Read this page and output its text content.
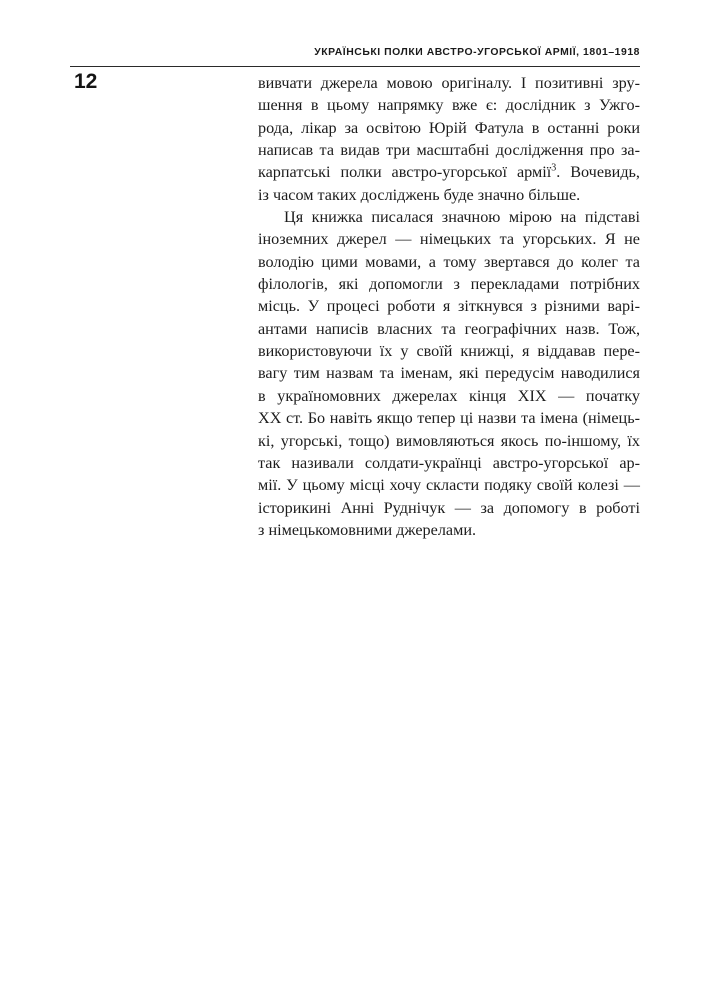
УКРАЇНСЬКІ ПОЛКИ АВСТРО-УГОРСЬКОЇ АРМІЇ, 1801–1918
12	вивчати джерела мовою оригіналу. І позитивні зру-
шення в цьому напрямку вже є: дослідник з Ужго-
рода, лікар за освітою Юрій Фатула в останні роки
написав та видав три масштабні дослідження про за-
карпатські полки австро-угорської армії$^3$. Вочевидь,
із часом таких досліджень буде значно більше.
Ця книжка писалася значною мірою на підставі
іноземних джерел — німецьких та угорських. Я не
володію цими мовами, а тому звертався до колег та
філологів, які допомогли з перекладами потрібних
місць. У процесі роботи я зіткнувся з різними варі-
антами написів власних та географічних назв. Тож,
використовуючи їх у своїй книжці, я віддавав пере-
вагу тим назвам та іменам, які передусім наводилися
в україномовних джерелах кінця XIX — початку
XX ст. Бо навіть якщо тепер ці назви та імена (німець-
кі, угорські, тощо) вимовляються якось по-іншому, їх
так називали солдати-українці австро-угорської ар-
мії. У цьому місці хочу скласти подяку своїй колезі —
історикині Анні Руднічук — за допомогу в роботі
з німецькомовними джерелами.
